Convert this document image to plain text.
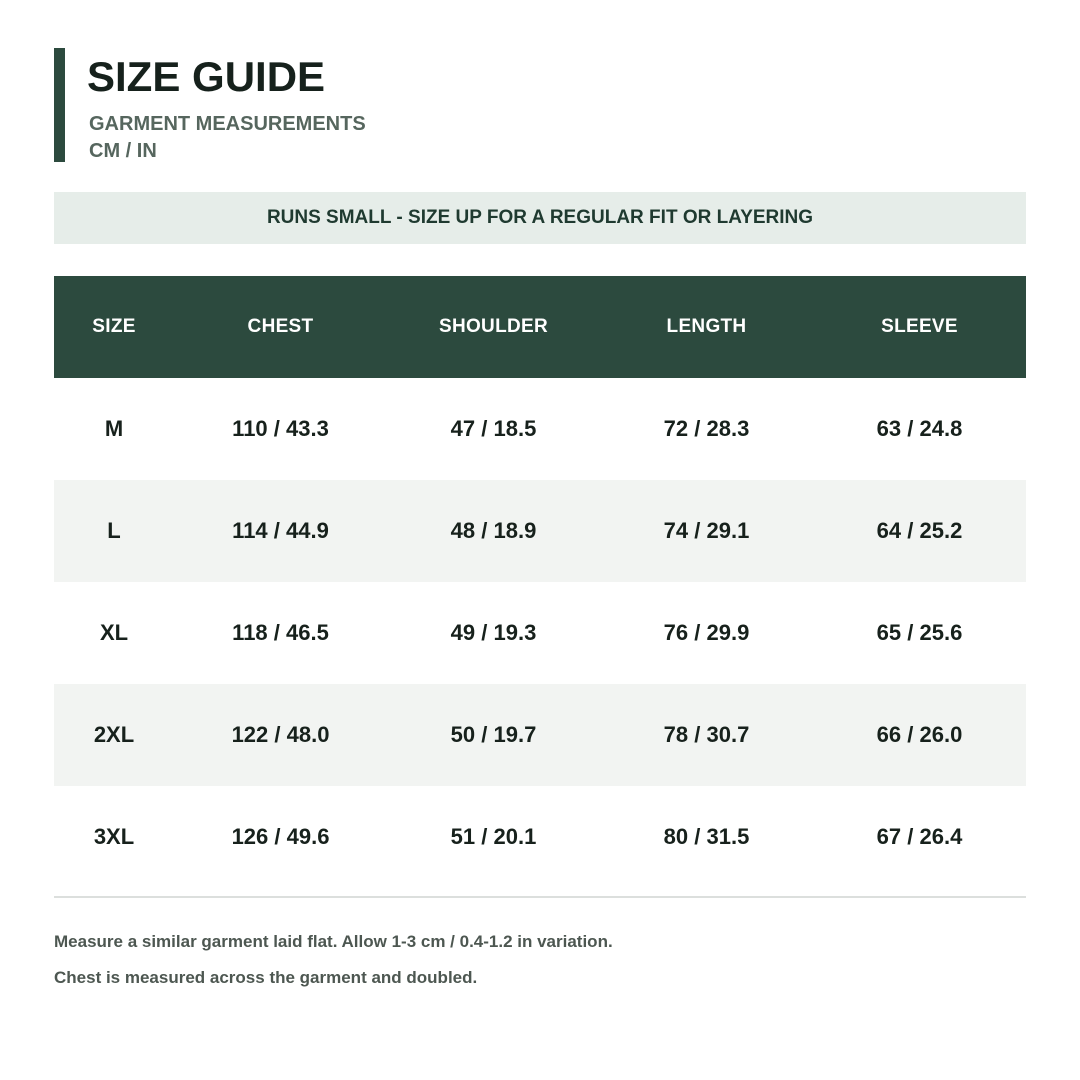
SIZE GUIDE
GARMENT MEASUREMENTS
CM / IN
RUNS SMALL - SIZE UP FOR A REGULAR FIT OR LAYERING
SIZE	CHEST	SHOULDER	LENGTH	SLEEVE
M	110 / 43.3	47 / 18.5	72 / 28.3	63 / 24.8
L	114 / 44.9	48 / 18.9	74 / 29.1	64 / 25.2
XL	118 / 46.5	49 / 19.3	76 / 29.9	65 / 25.6
2XL	122 / 48.0	50 / 19.7	78 / 30.7	66 / 26.0
3XL	126 / 49.6	51 / 20.1	80 / 31.5	67 / 26.4
Measure a similar garment laid flat. Allow 1-3 cm / 0.4-1.2 in variation.
Chest is measured across the garment and doubled.
